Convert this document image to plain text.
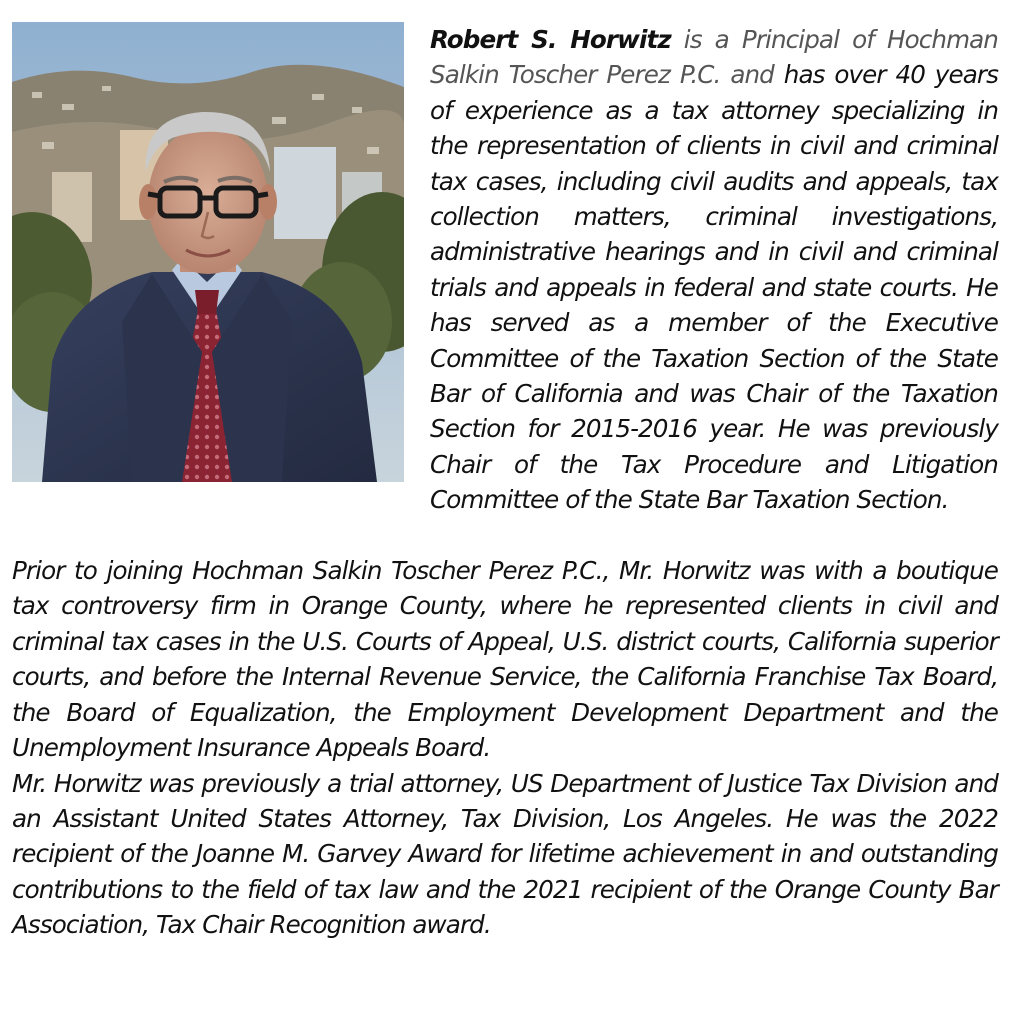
Robert S. Horwitz is a Principal of Hochman Salkin Toscher Perez P.C. and has over 40 years of experience as a tax attorney specializing in the representation of clients in civil and criminal tax cases, including civil audits and appeals, tax collection matters, criminal investigations, administrative hearings and in civil and criminal trials and appeals in federal and state courts. He has served as a member of the Executive Committee of the Taxation Section of the State Bar of California and was Chair of the Taxation Section for 2015-2016 year. He was previously Chair of the Tax Procedure and Litigation Committee of the State Bar Taxation Section.

Prior to joining Hochman Salkin Toscher Perez P.C., Mr. Horwitz was with a boutique tax controversy firm in Orange County, where he represented clients in civil and criminal tax cases in the U.S. Courts of Appeal, U.S. district courts, California superior courts, and before the Internal Revenue Service, the California Franchise Tax Board, the Board of Equalization, the Employment Development Department and the Unemployment Insurance Appeals Board.

Mr. Horwitz was previously a trial attorney, US Department of Justice Tax Division and an Assistant United States Attorney, Tax Division, Los Angeles. He was the 2022 recipient of the Joanne M. Garvey Award for lifetime achievement in and outstanding contributions to the field of tax law and the 2021 recipient of the Orange County Bar Association, Tax Chair Recognition award.
